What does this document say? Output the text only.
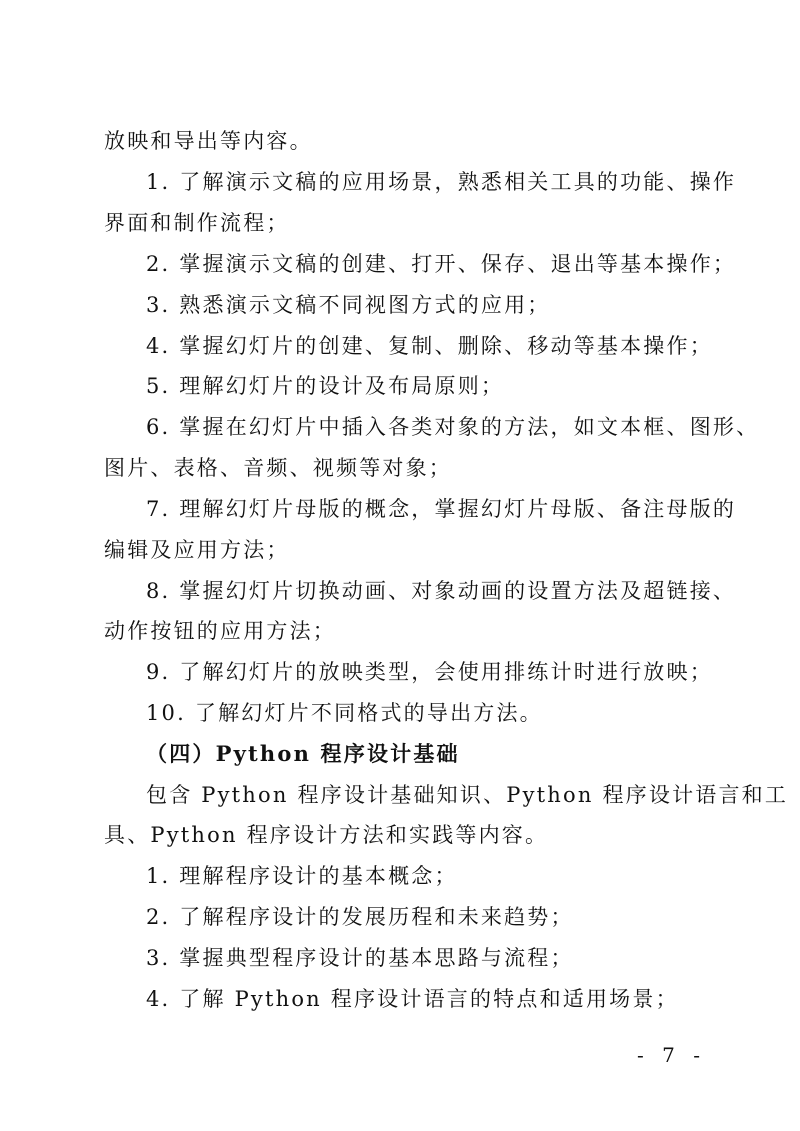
放映和导出等内容。
1. 了解演示文稿的应用场景，熟悉相关工具的功能、操作
界面和制作流程；
2. 掌握演示文稿的创建、打开、保存、退出等基本操作；
3. 熟悉演示文稿不同视图方式的应用；
4. 掌握幻灯片的创建、复制、删除、移动等基本操作；
5. 理解幻灯片的设计及布局原则；
6. 掌握在幻灯片中插入各类对象的方法，如文本框、图形、
图片、表格、音频、视频等对象；
7. 理解幻灯片母版的概念，掌握幻灯片母版、备注母版的
编辑及应用方法；
8. 掌握幻灯片切换动画、对象动画的设置方法及超链接、
动作按钮的应用方法；
9. 了解幻灯片的放映类型，会使用排练计时进行放映；
10. 了解幻灯片不同格式的导出方法。
（四）Python 程序设计基础
包含 Python 程序设计基础知识、Python 程序设计语言和工
具、Python 程序设计方法和实践等内容。
1. 理解程序设计的基本概念；
2. 了解程序设计的发展历程和未来趋势；
3. 掌握典型程序设计的基本思路与流程；
4. 了解 Python 程序设计语言的特点和适用场景；
- 7 -
